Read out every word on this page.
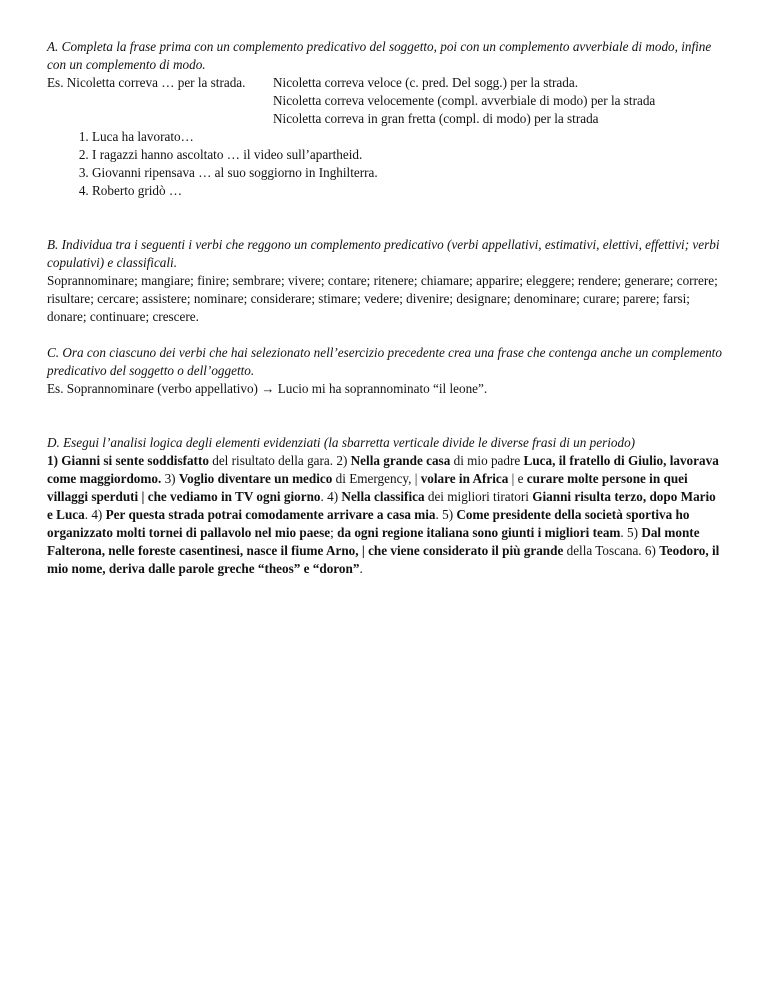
A. Completa la frase prima con un complemento predicativo del soggetto, poi con un complemento avverbiale di modo, infine con un complemento di modo.

Es. Nicoletta correva … per la strada.	Nicoletta correva veloce (c. pred. Del sogg.) per la strada.

Nicoletta correva velocemente (compl. avverbiale di modo) per la strada

Nicoletta correva in gran fretta (compl. di modo) per la strada

1. Luca ha lavorato…
2. I ragazzi hanno ascoltato … il video sull’apartheid.
3. Giovanni ripensava … al suo soggiorno in Inghilterra.
4. Roberto gridò …

B. Individua tra i seguenti i verbi che reggono un complemento predicativo (verbi appellativi, estimativi, elettivi, effettivi; verbi copulativi) e classificali.

Soprannominare; mangiare; finire; sembrare; vivere; contare; ritenere; chiamare; apparire; eleggere; rendere; generare; correre; risultare; cercare; assistere; nominare; considerare; stimare; vedere; divenire; designare; denominare; curare; parere; farsi; donare; continuare; crescere.

C. Ora con ciascuno dei verbi che hai selezionato nell’esercizio precedente crea una frase che contenga anche un complemento predicativo del soggetto o dell’oggetto.

Es. Soprannominare (verbo appellativo) → Lucio mi ha soprannominato “il leone”.

D. Esegui l’analisi logica degli elementi evidenziati (la sbarretta verticale divide le diverse frasi di un periodo)

1) Gianni si sente soddisfatto del risultato della gara. 2) Nella grande casa di mio padre Luca, il fratello di Giulio, lavorava come maggiordomo. 3) Voglio diventare un medico di Emergency, | volare in Africa | e curare molte persone in quei villaggi sperduti | che vediamo in TV ogni giorno. 4) Nella classifica dei migliori tiratori Gianni risulta terzo, dopo Mario e Luca. 4) Per questa strada potrai comodamente arrivare a casa mia. 5) Come presidente della società sportiva ho organizzato molti tornei di pallavolo nel mio paese; da ogni regione italiana sono giunti i migliori team. 5) Dal monte Falterona, nelle foreste casentinesi, nasce il fiume Arno, | che viene considerato il più grande della Toscana. 6) Teodoro, il mio nome, deriva dalle parole greche “theos” e “doron”.
